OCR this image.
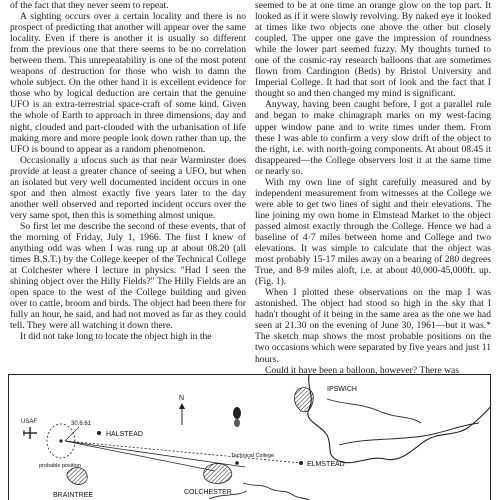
of the fact that they never seem to repeat.

A sighting occurs over a certain locality and there is no prospect of predicting that another will appear over the same locality. Even if there is another it is usually so different from the previous one that there seems to be no correlation between them. This unrepeatability is one of the most potent weapons of destruction for those who wish to damn the whole subject. On the other hand it is excellent evidence for those who by logical deduction are certain that the genuine UFO is an extra-terrestrial space-craft of some kind. Given the whole of Earth to approach in three dimensions, day and night, clouded and part-clouded with the urbanisation of life making more and more people look down rather than up, the UFO is bound to appear as a random phenomenon.

Occasionally a ufocus such as that near Warminster does provide at least a greater chance of seeing a UFO, but when an isolated but very well documented incident occurs in one spot and then almost exactly five years later to the day another well observed and reported incident occurs over the very same spot, then this is something almost unique.

So first let me describe the second of these events, that of the morning of Friday, July 1, 1966. The first I knew of anything odd was when I was rung up at about 08.20 (all times B.S.T.) by the College keeper of the Technical College at Colchester where I lecture in physics. "Had I seen the shining object over the Hilly Fields?" The Hilly Fields are an open space to the west of the College building and given over to cattle, broom and birds. The object had been there for fully an hour, he said, and had not moved as far as they could tell. They were all watching it down there.

It did not take long to locate the object high in the

seemed to be at one time an orange glow on the top part. It looked as if it were slowly revolving. By naked eye it looked at times like two objects one above the other but closely coupled. The upper one gave the impression of roundness while the lower part seemed fuzzy. My thoughts turned to one of the cosmic-ray research balloons that are sometimes flown from Cardington (Beds) by Bristol University and Imperial College. It had that sort of look and the fact that I thought so and then changed my mind is significant.

Anyway, having been caught before, I got a parallel rule and began to make chinagraph marks on my west-facing upper window pane and to write times under them. From these I was able to confirm a very slow drift of the object to the right, i.e. with north-going components. At about 08.45 it disappeared—the College observers lost it at the same time or nearly so.

With my own line of sight carefully measured and by independent measurement from witnesses at the College we were able to get two lines of sight and their elevations. The line joining my own home in Elmstead Market to the object passed almost exactly through the College. Hence we had a baseline of 4·7 miles between home and College and two elevations. It was simple to calculate that the object was most probably 15-17 miles away on a bearing of 280 degrees True, and 8-9 miles aloft, i.e. at about 40,000-45,000ft. up. (Fig. 1).

When I plotted these observations on the map I was astonished. The object had stood so high in the sky that I hadn't thought of it being in the same area as the one we had seen at 21.30 on the evening of June 30, 1961—but it was.* The sketch map shows the most probable positions on the two occasions which were separated by five years and just 11 hours.

Could it have been a balloon, however? There was

N
USAF	30.6.61
HALSTEAD
IPSWICH
Technical College
ELMSTEAD
COLCHESTER
BRAINTREE
probable position
